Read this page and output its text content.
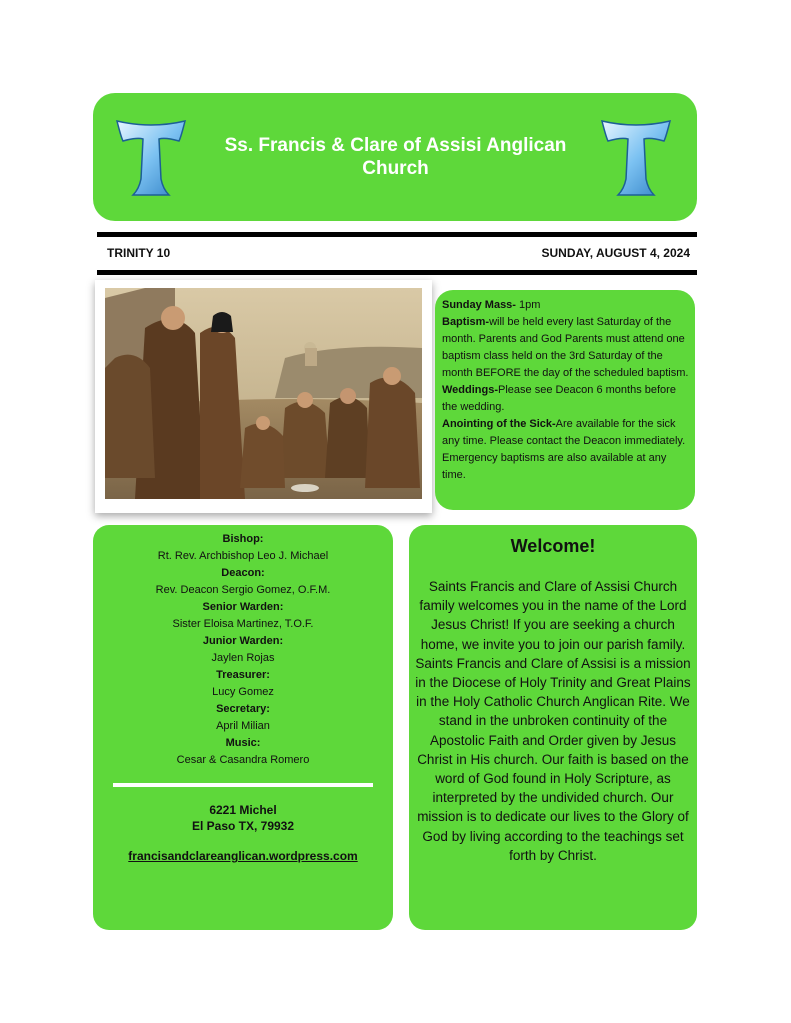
Ss. Francis & Clare of Assisi Anglican
Church
TRINITY 10	SUNDAY, AUGUST 4, 2024
Sunday Mass- 1pm
Baptism-will be held every last Saturday of the month. Parents and God Parents must attend one baptism class held on the 3rd Saturday of the month BEFORE the day of the scheduled baptism.
Weddings-Please see Deacon 6 months before the wedding.
Anointing of the Sick-Are available for the sick any time. Please contact the Deacon immediately. Emergency baptisms are also available at any time.
Bishop:
Rt. Rev. Archbishop Leo J. Michael
Deacon:
Rev. Deacon Sergio Gomez, O.F.M.
Senior Warden:
Sister Eloisa Martinez, T.O.F.
Junior Warden:
Jaylen Rojas
Treasurer:
Lucy Gomez
Secretary:
April Milian
Music:
Cesar & Casandra Romero
6221 Michel
El Paso TX, 79932
francisandclareanglican.wordpress.com
Welcome!
Saints Francis and Clare of Assisi Church family welcomes you in the name of the Lord Jesus Christ! If you are seeking a church home, we invite you to join our parish family. Saints Francis and Clare of Assisi is a mission in the Diocese of Holy Trinity and Great Plains in the Holy Catholic Church Anglican Rite. We stand in the unbroken continuity of the Apostolic Faith and Order given by Jesus Christ in His church. Our faith is based on the word of God found in Holy Scripture, as interpreted by the undivided church. Our mission is to dedicate our lives to the Glory of God by living according to the teachings set forth by Christ.
